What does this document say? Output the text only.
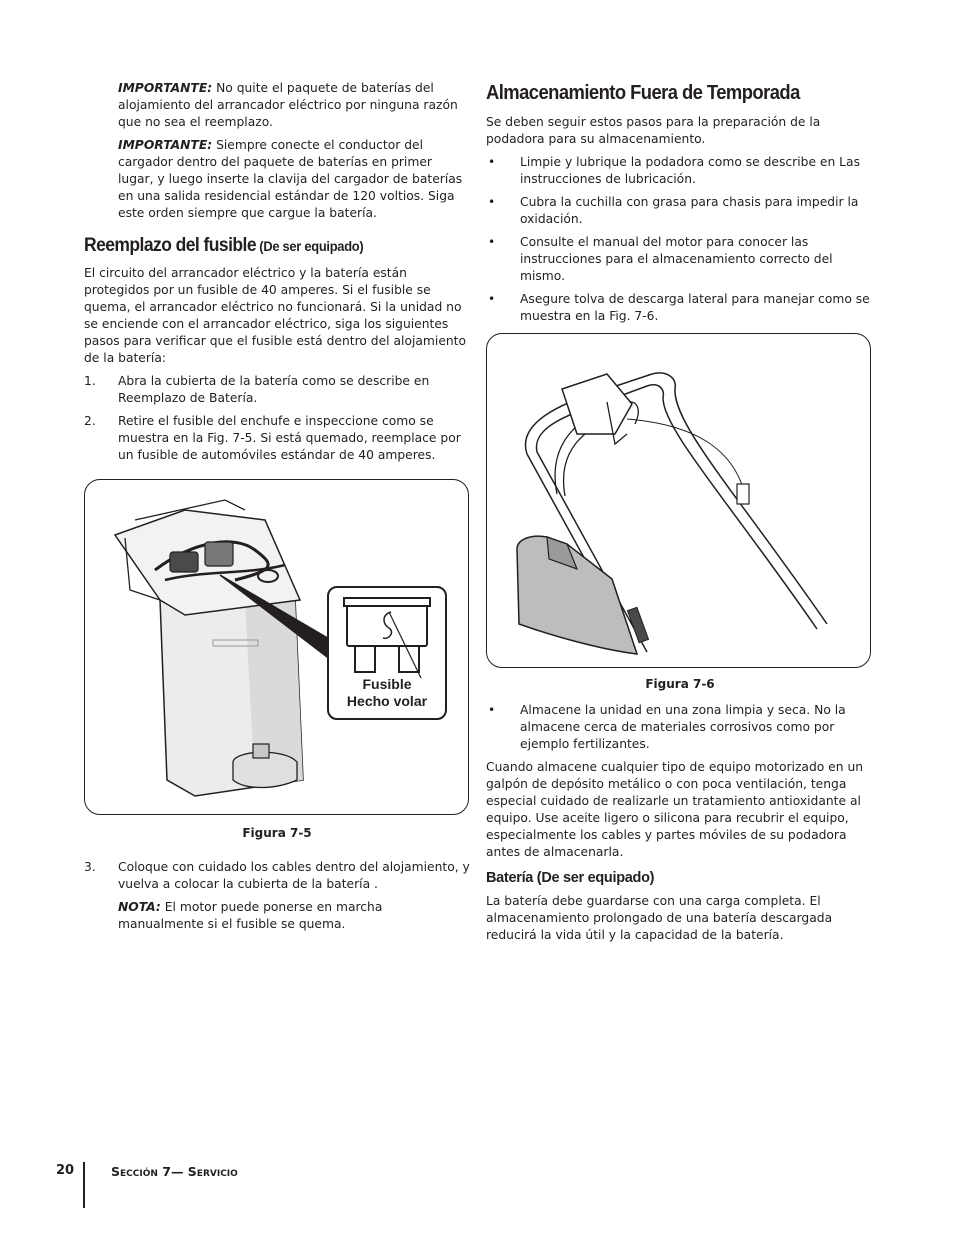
IMPORTANTE: No quite el paquete de baterías del alojamiento del arrancador eléctrico por ninguna razón que no sea el reemplazo.

IMPORTANTE: Siempre conecte el conductor del cargador dentro del paquete de baterías en primer lugar, y luego inserte la clavija del cargador de baterías en una salida residencial estándar de 120 voltios. Siga este orden siempre que cargue la batería.

Reemplazo del fusible (De ser equipado)

El circuito del arrancador eléctrico y la batería están protegidos por un fusible de 40 amperes. Si el fusible se quema, el arrancador eléctrico no funcionará. Si la unidad no se enciende con el arrancador eléctrico, siga los siguientes pasos para verificar que el fusible está dentro del alojamiento de la batería:

1. Abra la cubierta de la batería como se describe en Reemplazo de Batería.
2. Retire el fusible del enchufe e inspeccione como se muestra en la Fig. 7-5. Si está quemado, reemplace por un fusible de automóviles estándar de 40 amperes.
Fusible
Hecho volar

Figura 7-5

3. Coloque con cuidado los cables dentro del alojamiento, y vuelva a colocar la cubierta de la batería .

NOTA: El motor puede ponerse en marcha manualmente si el fusible se quema.

Almacenamiento Fuera de Temporada

Se deben seguir estos pasos para la preparación de la podadora para su almacenamiento.

• Limpie y lubrique la podadora como se describe en Las instrucciones de lubricación.
• Cubra la cuchilla con grasa para chasis para impedir la oxidación.
• Consulte el manual del motor para conocer las instrucciones para el almacenamiento correcto del mismo.
• Asegure tolva de descarga lateral para manejar como se muestra en la Fig. 7-6.

Figura 7-6

• Almacene la unidad en una zona limpia y seca. No la almacene cerca de materiales corrosivos como por ejemplo fertilizantes.

Cuando almacene cualquier tipo de equipo motorizado en un galpón de depósito metálico o con poca ventilación, tenga especial cuidado de realizarle un tratamiento antioxidante al equipo. Use aceite ligero o silicona para recubrir el equipo, especialmente los cables y partes móviles de su podadora antes de almacenarla.

Batería (De ser equipado)

La batería debe guardarse con una carga completa. El almacenamiento prolongado de una batería descargada reducirá la vida útil y la capacidad de la batería.

20	Sección 7— Servicio
